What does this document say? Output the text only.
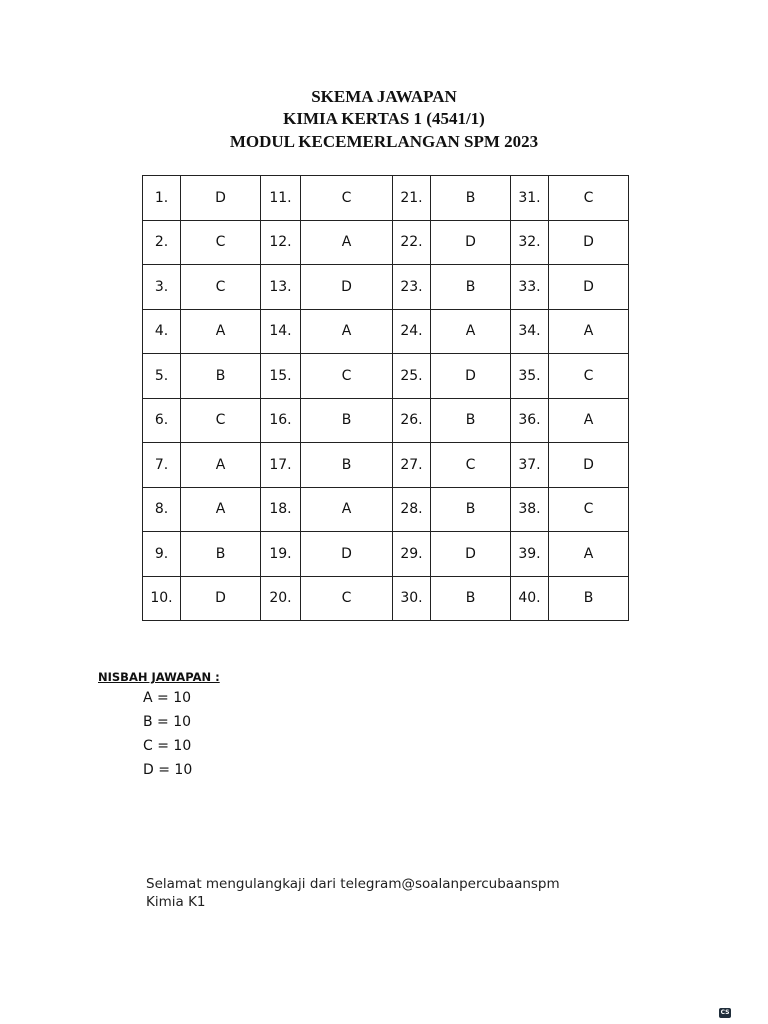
SKEMA JAWAPAN
KIMIA KERTAS 1 (4541/1)
MODUL KECEMERLANGAN SPM 2023
1.	D	11.	C	21.	B	31.	C
2.	C	12.	A	22.	D	32.	D
3.	C	13.	D	23.	B	33.	D
4.	A	14.	A	24.	A	34.	A
5.	B	15.	C	25.	D	35.	C
6.	C	16.	B	26.	B	36.	A
7.	A	17.	B	27.	C	37.	D
8.	A	18.	A	28.	B	38.	C
9.	B	19.	D	29.	D	39.	A
10.	D	20.	C	30.	B	40.	B
NISBAH JAWAPAN :
A = 10
B = 10
C = 10
D = 10
Selamat mengulangkaji dari telegram@soalanpercubaanspm
Kimia K1
CS
